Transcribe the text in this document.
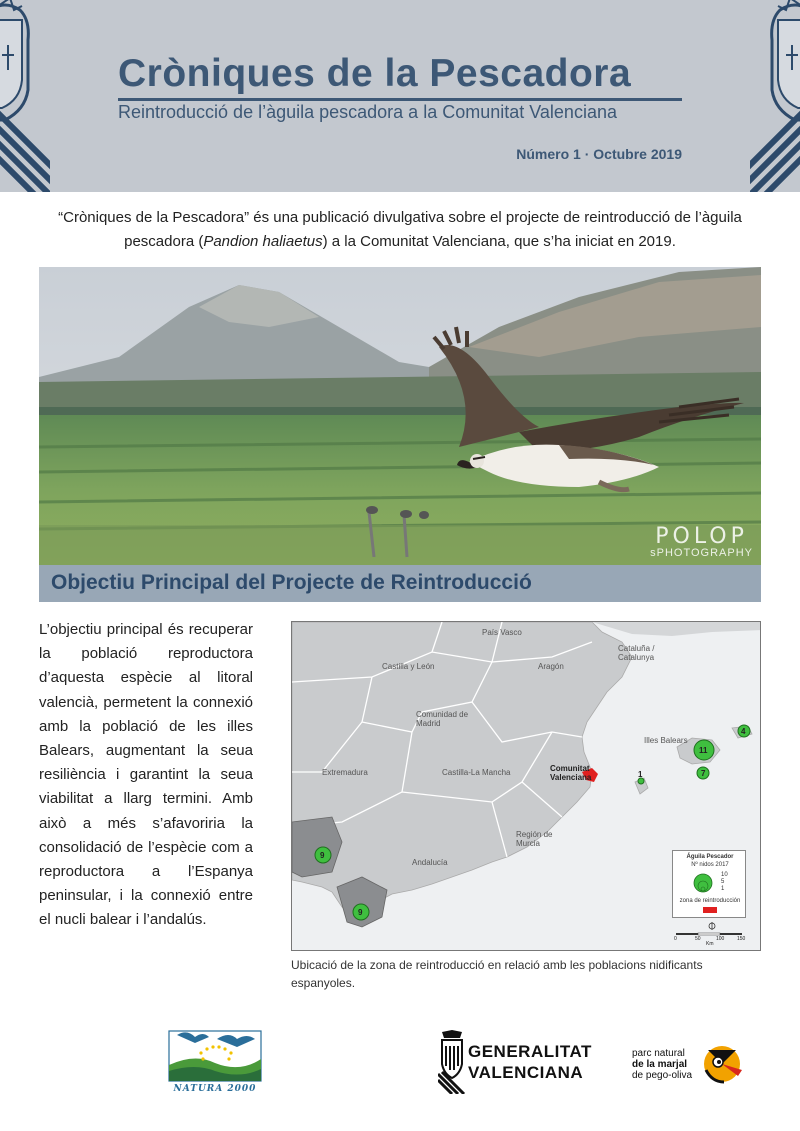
Cròniques de la Pescadora
Reintroducció de l’àguila pescadora a la Comunitat Valenciana
Número 1 · Octubre 2019

“Cròniques de la Pescadora” és una publicació divulgativa sobre el projecte de reintroducció de l’àguila pescadora (Pandion haliaetus) a la Comunitat Valenciana, que s’ha iniciat en 2019.

POLOP
sPHOTOGRAPHY
Objectiu Principal del Projecte de Reintroducció

L’objectiu principal és recuperar la població reproductora d’aquesta espècie al litoral valencià, permetent la connexió amb la població de les illes Balears, augmentant la seua resiliència i garantint la seua viabilitat a llarg termini. Amb això a més s’afavoriria la consolidació de l’espècie com a reproductora a l’Espanya peninsular, i la connexió entre el nucli balear i l’andalús.

País Vasco
Castilla y León	Aragón
Cataluña / Catalunya
Comunidad de Madrid
Extremadura	Castilla-La Mancha	Comunitat Valenciana
Región de Murcia
Andalucía
Illes Balears
11
4
7
1
9
9
Águila Pescador
Nº nidos 2017
10
5
1
zona de reintroducción
0	50	100	150
Km

Ubicació de la zona de reintroducció en relació amb les poblacions nidificants espanyoles.

NATURA 2000
GENERALITAT
VALENCIANA
parc natural
de la marjal
de pego-oliva
